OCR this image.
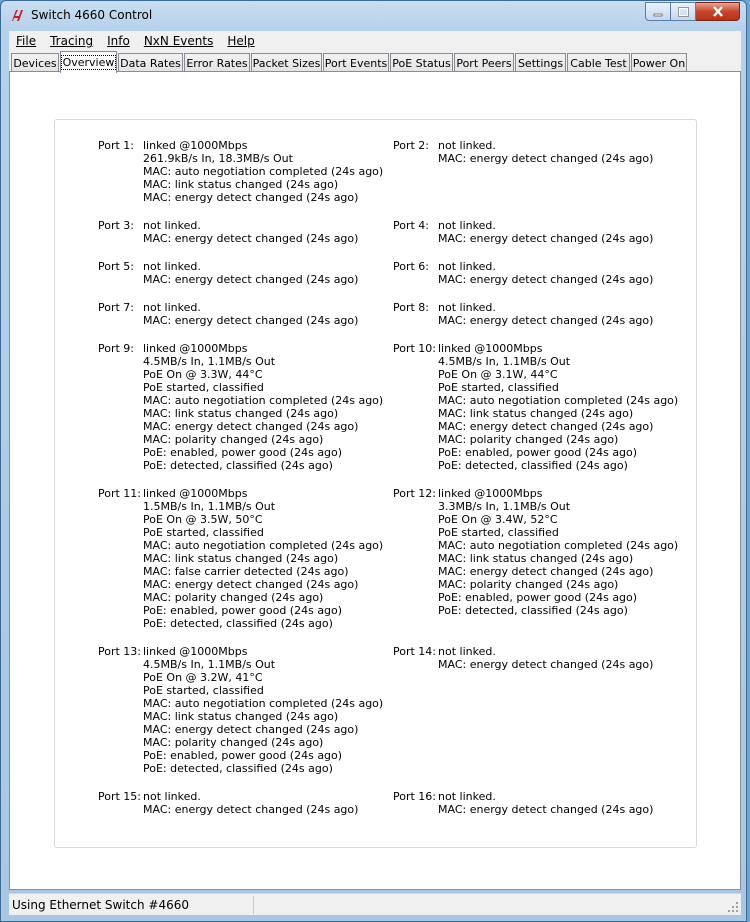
Switch 4660 Control
File	Tracing	Info	NxN Events	Help
Devices Overview Data Rates Error Rates Packet Sizes Port Events PoE Status Port Peers Settings Cable Test Power On
Port 1: linked @1000Mbps
261.9kB/s In, 18.3MB/s Out
MAC: auto negotiation completed (24s ago)
MAC: link status changed (24s ago)
MAC: energy detect changed (24s ago)
Port 2: not linked.
MAC: energy detect changed (24s ago)
Port 3: not linked.
MAC: energy detect changed (24s ago)
Port 4: not linked.
MAC: energy detect changed (24s ago)
Port 5: not linked.
MAC: energy detect changed (24s ago)
Port 6: not linked.
MAC: energy detect changed (24s ago)
Port 7: not linked.
MAC: energy detect changed (24s ago)
Port 8: not linked.
MAC: energy detect changed (24s ago)
Port 9: linked @1000Mbps
4.5MB/s In, 1.1MB/s Out
PoE On @ 3.3W, 44°C
PoE started, classified
MAC: auto negotiation completed (24s ago)
MAC: link status changed (24s ago)
MAC: energy detect changed (24s ago)
MAC: polarity changed (24s ago)
PoE: enabled, power good (24s ago)
PoE: detected, classified (24s ago)
Port 10: linked @1000Mbps
4.5MB/s In, 1.1MB/s Out
PoE On @ 3.1W, 44°C
PoE started, classified
MAC: auto negotiation completed (24s ago)
MAC: link status changed (24s ago)
MAC: energy detect changed (24s ago)
MAC: polarity changed (24s ago)
PoE: enabled, power good (24s ago)
PoE: detected, classified (24s ago)
Port 11: linked @1000Mbps
1.5MB/s In, 1.1MB/s Out
PoE On @ 3.5W, 50°C
PoE started, classified
MAC: auto negotiation completed (24s ago)
MAC: link status changed (24s ago)
MAC: false carrier detected (24s ago)
MAC: energy detect changed (24s ago)
MAC: polarity changed (24s ago)
PoE: enabled, power good (24s ago)
PoE: detected, classified (24s ago)
Port 12: linked @1000Mbps
3.3MB/s In, 1.1MB/s Out
PoE On @ 3.4W, 52°C
PoE started, classified
MAC: auto negotiation completed (24s ago)
MAC: link status changed (24s ago)
MAC: energy detect changed (24s ago)
MAC: polarity changed (24s ago)
PoE: enabled, power good (24s ago)
PoE: detected, classified (24s ago)
Port 13: linked @1000Mbps
4.5MB/s In, 1.1MB/s Out
PoE On @ 3.2W, 41°C
PoE started, classified
MAC: auto negotiation completed (24s ago)
MAC: link status changed (24s ago)
MAC: energy detect changed (24s ago)
MAC: polarity changed (24s ago)
PoE: enabled, power good (24s ago)
PoE: detected, classified (24s ago)
Port 14: not linked.
MAC: energy detect changed (24s ago)
Port 15: not linked.
MAC: energy detect changed (24s ago)
Port 16: not linked.
MAC: energy detect changed (24s ago)
Using Ethernet Switch #4660
